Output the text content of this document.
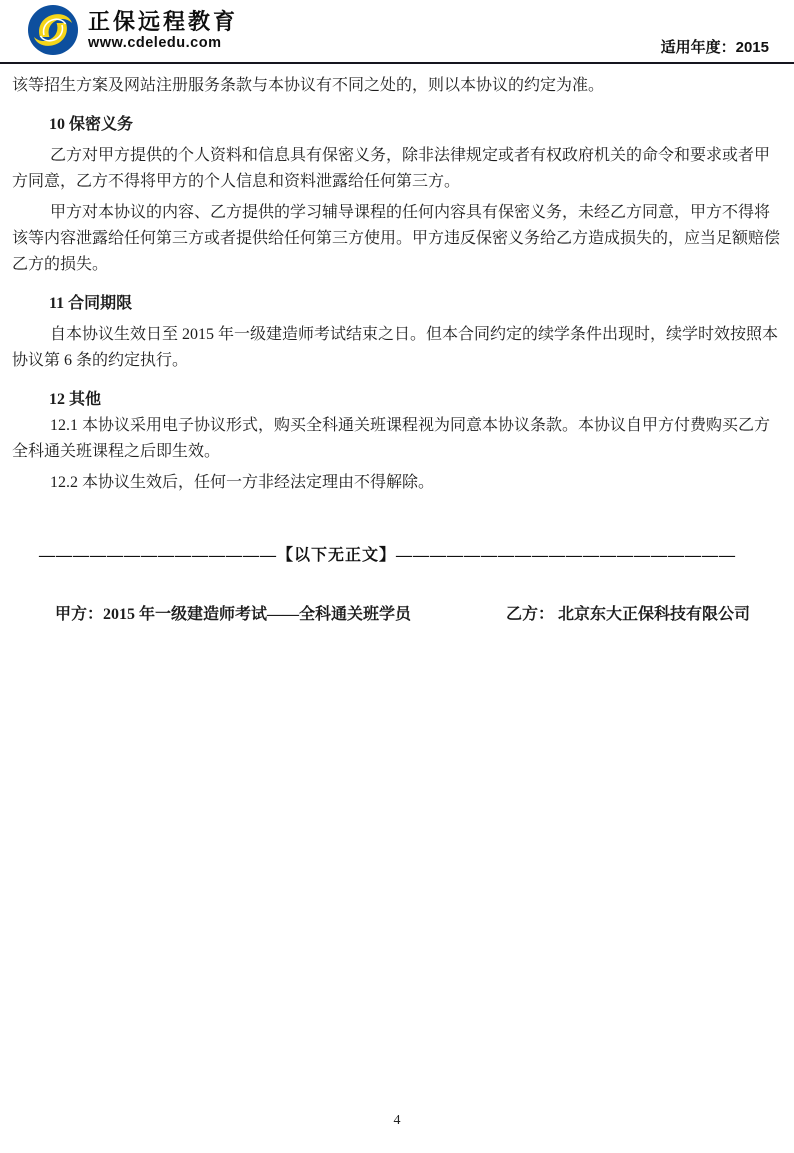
正保远程教育
www.cdeledu.com	适用年度：2015

该等招生方案及网站注册服务条款与本协议有不同之处的，则以本协议的约定为准。

10 保密义务

乙方对甲方提供的个人资料和信息具有保密义务，除非法律规定或者有权政府机关的命令和要求或者甲方同意，乙方不得将甲方的个人信息和资料泄露给任何第三方。

甲方对本协议的内容、乙方提供的学习辅导课程的任何内容具有保密义务，未经乙方同意，甲方不得将该等内容泄露给任何第三方或者提供给任何第三方使用。甲方违反保密义务给乙方造成损失的，应当足额赔偿乙方的损失。

11 合同期限

自本协议生效日至 2015 年一级建造师考试结束之日。但本合同约定的续学条件出现时，续学时效按照本协议第 6 条的约定执行。

12 其他

12.1 本协议采用电子协议形式，购买全科通关班课程视为同意本协议条款。本协议自甲方付费购买乙方全科通关班课程之后即生效。

12.2 本协议生效后，任何一方非经法定理由不得解除。

——————————————【以下无正文】————————————————————
甲方：2015 年一级建造师考试——全科通关班学员	乙方： 北京东大正保科技有限公司
4
